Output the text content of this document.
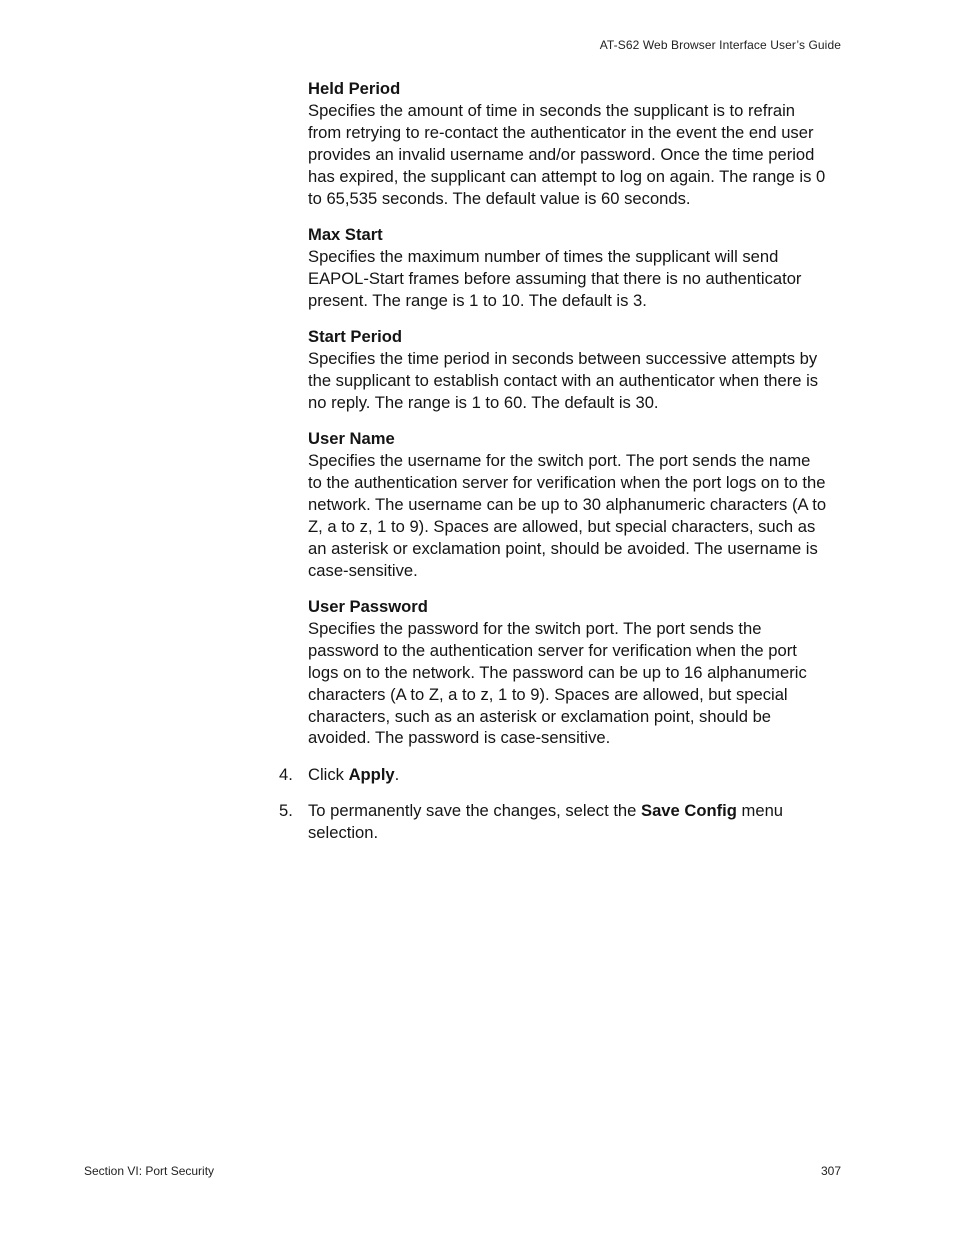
AT-S62 Web Browser Interface User’s Guide
Held Period
Specifies the amount of time in seconds the supplicant is to refrain from retrying to re-contact the authenticator in the event the end user provides an invalid username and/or password. Once the time period has expired, the supplicant can attempt to log on again. The range is 0 to 65,535 seconds. The default value is 60 seconds.
Max Start
Specifies the maximum number of times the supplicant will send EAPOL-Start frames before assuming that there is no authenticator present. The range is 1 to 10. The default is 3.
Start Period
Specifies the time period in seconds between successive attempts by the supplicant to establish contact with an authenticator when there is no reply. The range is 1 to 60. The default is 30.
User Name
Specifies the username for the switch port. The port sends the name to the authentication server for verification when the port logs on to the network. The username can be up to 30 alphanumeric characters (A to Z, a to z, 1 to 9). Spaces are allowed, but special characters, such as an asterisk or exclamation point, should be avoided. The username is case-sensitive.
User Password
Specifies the password for the switch port. The port sends the password to the authentication server for verification when the port logs on to the network. The password can be up to 16 alphanumeric characters (A to Z, a to z, 1 to 9). Spaces are allowed, but special characters, such as an asterisk or exclamation point, should be avoided. The password is case-sensitive.
4. Click Apply.
5. To permanently save the changes, select the Save Config menu selection.
Section VI: Port Security	307
